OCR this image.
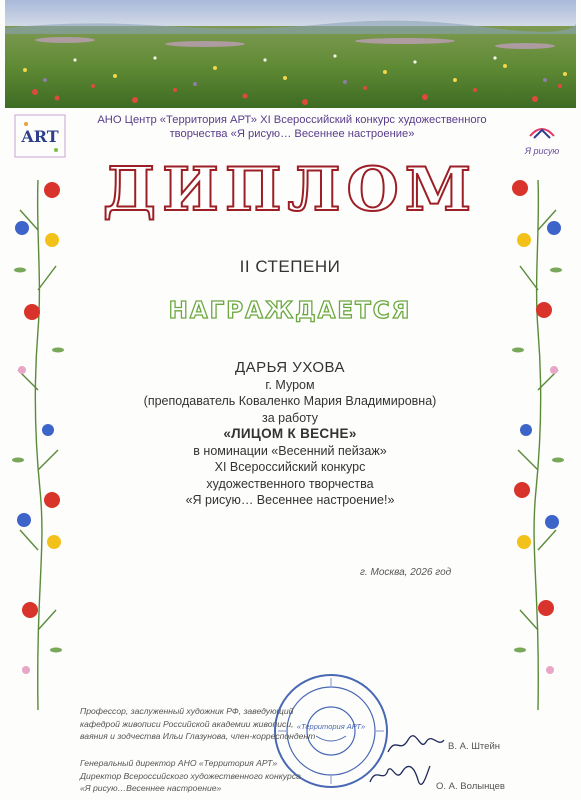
ART
Я рисую
АНО Центр «Территория АРТ» XI Всероссийский конкурс художественного
творчества «Я рисую… Весеннее настроение»
ДИПЛОМ
II СТЕПЕНИ
НАГРАЖДАЕТСЯ
ДАРЬЯ УХОВА
г. Муром
(преподаватель Коваленко Мария Владимировна)
за работу
«ЛИЦОМ К ВЕСНЕ»
в номинации «Весенний пейзаж»
XI Всероссийский конкурс
художественного творчества
«Я рисую… Весеннее настроение!»
г. Москва, 2026 год
«Территория АРТ»
Профессор, заслуженный художник РФ, заведующий
кафедрой живописи Российской академии живописи,
ваяния и зодчества Ильи Глазунова, член-корреспондент
В. А. Штейн
Генеральный директор АНО «Территория АРТ»
Директор Всероссийского художественного конкурса
«Я рисую…Весеннее настроение»	О. А. Волынцев
